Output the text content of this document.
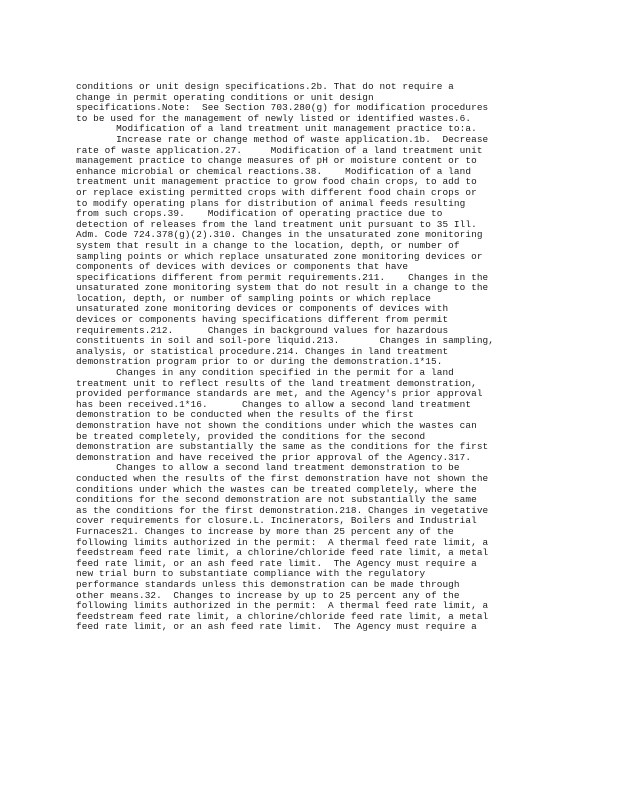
conditions or unit design specifications.2b. That do not require a
change in permit operating conditions or unit design
specifications.Note:  See Section 703.280(g) for modification procedures
to be used for the management of newly listed or identified wastes.6.
Modification of a land treatment unit management practice to:a.
Increase rate or change method of waste application.1b.  Decrease
rate of waste application.27.     Modification of a land treatment unit
management practice to change measures of pH or moisture content or to
enhance microbial or chemical reactions.38.    Modification of a land
treatment unit management practice to grow food chain crops, to add to
or replace existing permitted crops with different food chain crops or
to modify operating plans for distribution of animal feeds resulting
from such crops.39.    Modification of operating practice due to
detection of releases from the land treatment unit pursuant to 35 Ill.
Adm. Code 724.378(g)(2).310. Changes in the unsaturated zone monitoring
system that result in a change to the location, depth, or number of
sampling points or which replace unsaturated zone monitoring devices or
components of devices with devices or components that have
specifications different from permit requirements.211.    Changes in the
unsaturated zone monitoring system that do not result in a change to the
location, depth, or number of sampling points or which replace
unsaturated zone monitoring devices or components of devices with
devices or components having specifications different from permit
requirements.212.      Changes in background values for hazardous
constituents in soil and soil-pore liquid.213.       Changes in sampling,
analysis, or statistical procedure.214. Changes in land treatment
demonstration program prior to or during the demonstration.1*15.
Changes in any condition specified in the permit for a land
treatment unit to reflect results of the land treatment demonstration,
provided performance standards are met, and the Agency's prior approval
has been received.1*16.      Changes to allow a second land treatment
demonstration to be conducted when the results of the first
demonstration have not shown the conditions under which the wastes can
be treated completely, provided the conditions for the second
demonstration are substantially the same as the conditions for the first
demonstration and have received the prior approval of the Agency.317.
Changes to allow a second land treatment demonstration to be
conducted when the results of the first demonstration have not shown the
conditions under which the wastes can be treated completely, where the
conditions for the second demonstration are not substantially the same
as the conditions for the first demonstration.218. Changes in vegetative
cover requirements for closure.L. Incinerators, Boilers and Industrial
Furnaces21. Changes to increase by more than 25 percent any of the
following limits authorized in the permit:  A thermal feed rate limit, a
feedstream feed rate limit, a chlorine/chloride feed rate limit, a metal
feed rate limit, or an ash feed rate limit.  The Agency must require a
new trial burn to substantiate compliance with the regulatory
performance standards unless this demonstration can be made through
other means.32.  Changes to increase by up to 25 percent any of the
following limits authorized in the permit:  A thermal feed rate limit, a
feedstream feed rate limit, a chlorine/chloride feed rate limit, a metal
feed rate limit, or an ash feed rate limit.  The Agency must require a
